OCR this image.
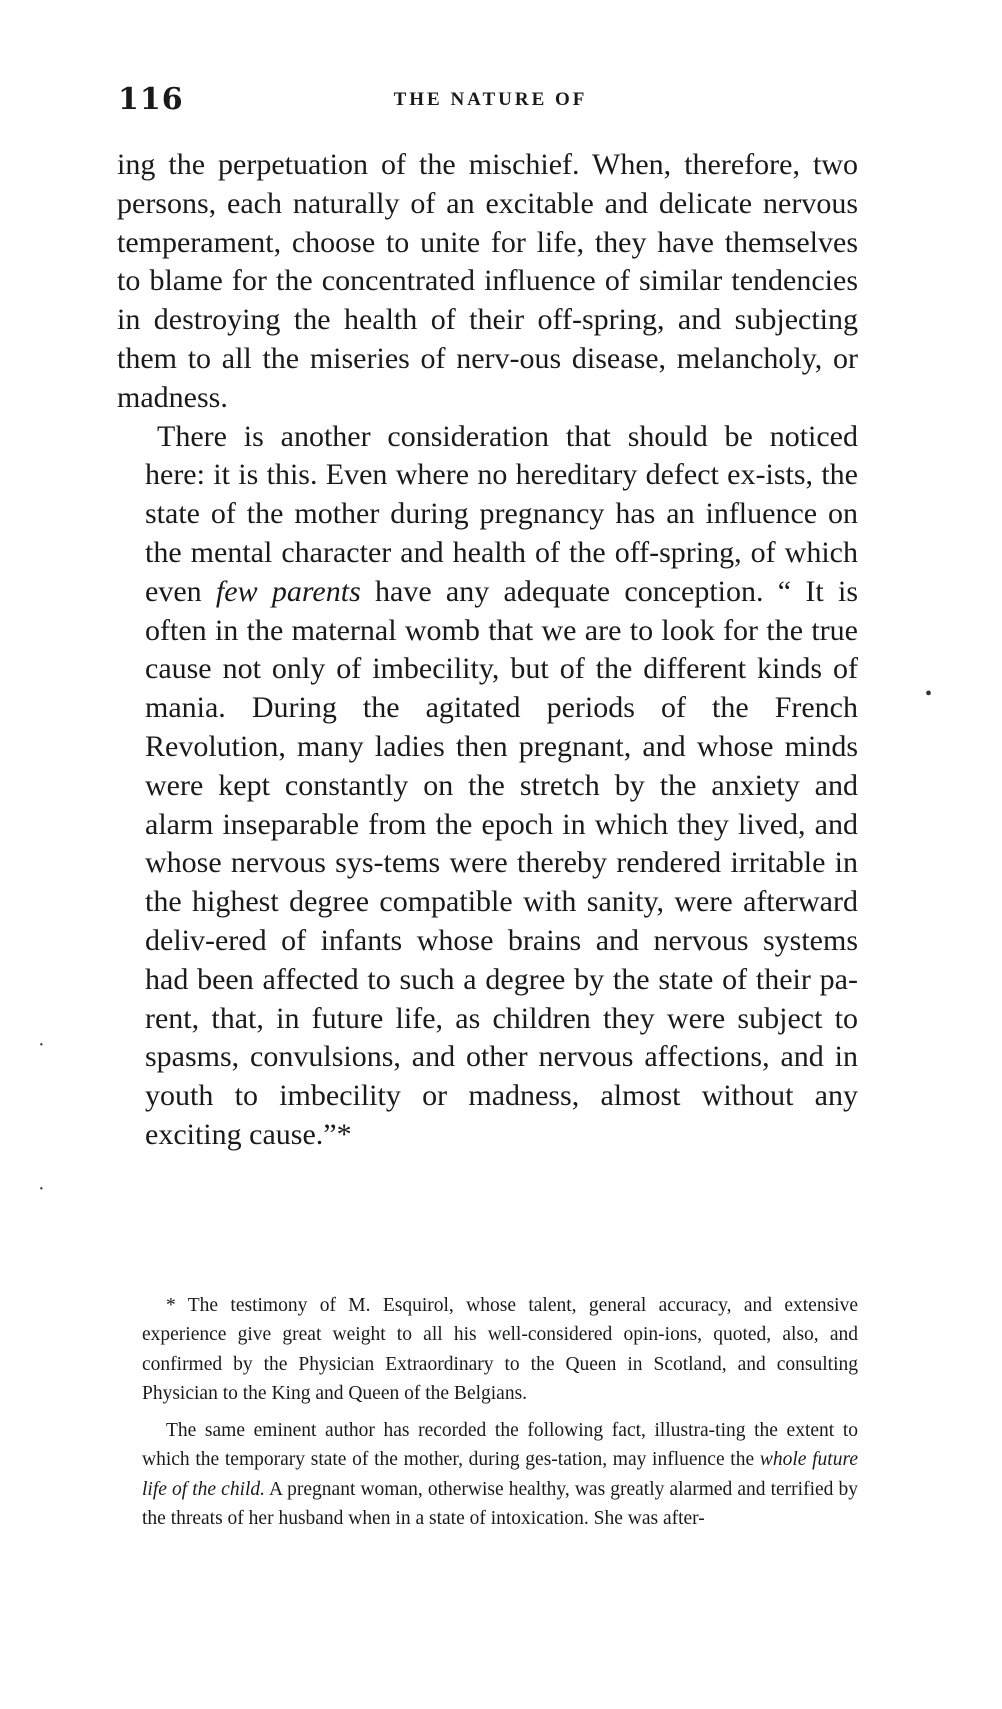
116	THE NATURE OF

ing the perpetuation of the mischief. When, therefore, two persons, each naturally of an excitable and delicate nervous temperament, choose to unite for life, they have themselves to blame for the concentrated influence of similar tendencies in destroying the health of their off-spring, and subjecting them to all the miseries of nerv-ous disease, melancholy, or madness.

There is another consideration that should be noticed here: it is this. Even where no hereditary defect ex-ists, the state of the mother during pregnancy has an influence on the mental character and health of the off-spring, of which even few parents have any adequate conception. “ It is often in the maternal womb that we are to look for the true cause not only of imbecility, but of the different kinds of mania. During the agitated periods of the French Revolution, many ladies then pregnant, and whose minds were kept constantly on the stretch by the anxiety and alarm inseparable from the epoch in which they lived, and whose nervous sys-tems were thereby rendered irritable in the highest degree compatible with sanity, were afterward deliv-ered of infants whose brains and nervous systems had been affected to such a degree by the state of their pa-rent, that, in future life, as children they were subject to spasms, convulsions, and other nervous affections, and in youth to imbecility or madness, almost without any exciting cause.”*

•
·
·

* The testimony of M. Esquirol, whose talent, general accuracy, and extensive experience give great weight to all his well-considered opin-ions, quoted, also, and confirmed by the Physician Extraordinary to the Queen in Scotland, and consulting Physician to the King and Queen of the Belgians.

The same eminent author has recorded the following fact, illustra-ting the extent to which the temporary state of the mother, during ges-tation, may influence the whole future life of the child. A pregnant woman, otherwise healthy, was greatly alarmed and terrified by the threats of her husband when in a state of intoxication. She was after-
